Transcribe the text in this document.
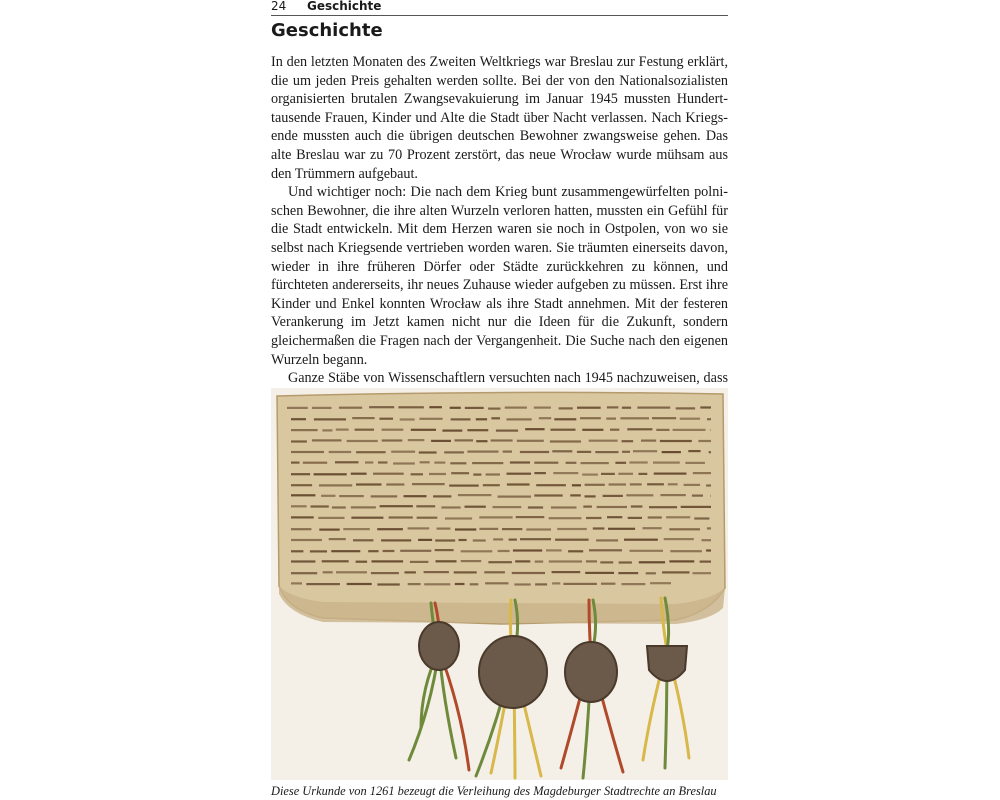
24 Geschichte
Geschichte

In den letzten Monaten des Zweiten Weltkriegs war Breslau zur Festung erklärt, die um jeden Preis gehalten werden sollte. Bei der von den Nationalsozialisten organisierten brutalen Zwangsevakuierung im Januar 1945 mussten Hunderttausende Frauen, Kinder und Alte die Stadt über Nacht verlassen. Nach Kriegsende mussten auch die übrigen deutschen Bewohner zwangsweise gehen. Das alte Breslau war zu 70 Prozent zerstört, das neue Wrocław wurde mühsam aus den Trümmern aufgebaut.

Und wichtiger noch: Die nach dem Krieg bunt zusammengewürfelten polnischen Bewohner, die ihre alten Wurzeln verloren hatten, mussten ein Gefühl für die Stadt entwickeln. Mit dem Herzen waren sie noch in Ostpolen, von wo sie selbst nach Kriegsende vertrieben worden waren. Sie träumten einerseits davon, wieder in ihre früheren Dörfer oder Städte zurückkehren zu können, und fürchteten andererseits, ihr neues Zuhause wieder aufgeben zu müssen. Erst ihre Kinder und Enkel konnten Wrocław als ihre Stadt annehmen. Mit der festeren Verankerung im Jetzt kamen nicht nur die Ideen für die Zukunft, sondern gleichermaßen die Fragen nach der Vergangenheit. Die Suche nach den eigenen Wurzeln begann.

Ganze Stäbe von Wissenschaftlern versuchten nach 1945 nachzuweisen, dass

Diese Urkunde von 1261 bezeugt die Verleihung des Magdeburger Stadtrechte an Breslau
